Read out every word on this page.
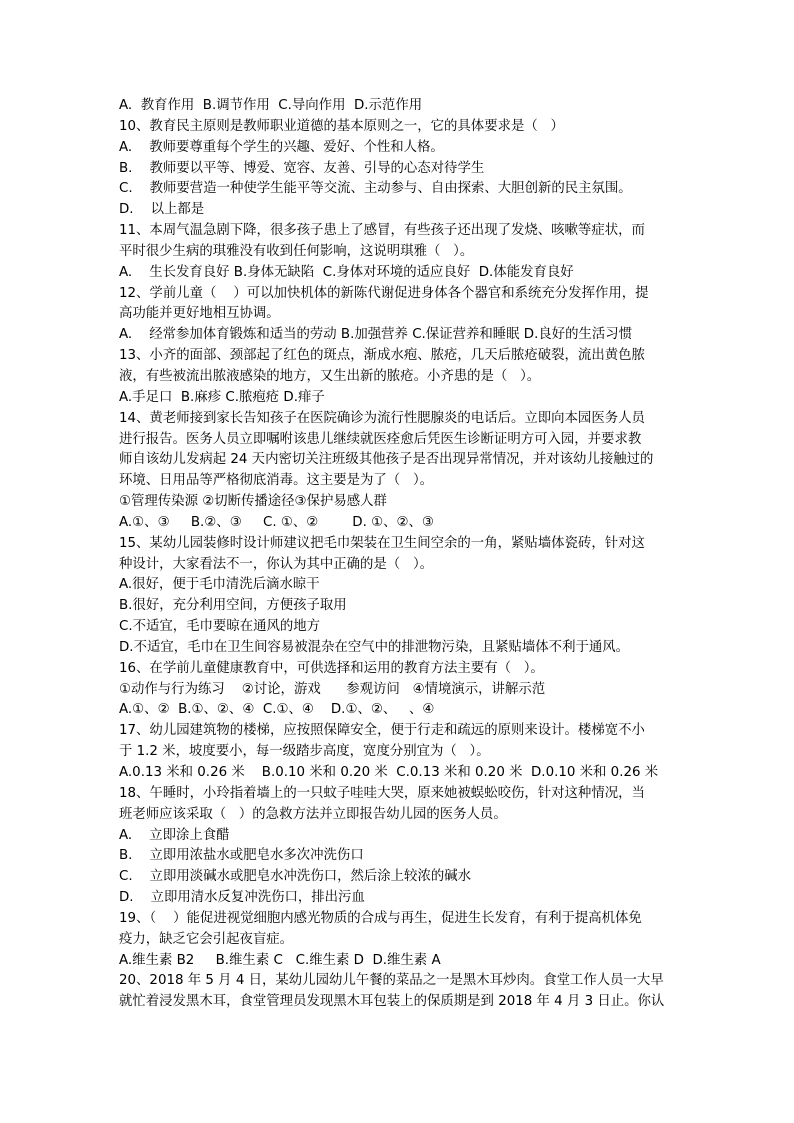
A.  教育作用  B.调节作用  C.导向作用  D.示范作用
10、教育民主原则是教师职业道德的基本原则之一，它的具体要求是（   ）
A.    教师要尊重每个学生的兴趣、爱好、个性和人格。
B.    教师要以平等、博爱、宽容、友善、引导的心态对待学生
C.    教师要营造一种使学生能平等交流、主动参与、自由探索、大胆创新的民主氛围。
D.    以上都是
11、本周气温急剧下降，很多孩子患上了感冒，有些孩子还出现了发烧、咳嗽等症状，而
平时很少生病的琪雅没有收到任何影响，这说明琪雅（   ）。
A.    生长发育良好 B.身体无缺陷  C.身体对环境的适应良好  D.体能发育良好
12、学前儿童（    ）可以加快机体的新陈代谢促进身体各个器官和系统充分发挥作用，提
高功能并更好地相互协调。
A.    经常参加体育锻炼和适当的劳动 B.加强营养 C.保证营养和睡眠 D.良好的生活习惯
13、小齐的面部、颈部起了红色的斑点，渐成水疱、脓疮，几天后脓疮破裂，流出黄色脓
液，有些被流出脓液感染的地方，又生出新的脓疮。小齐患的是（   ）。
A.手足口  B.麻疹 C.脓疱疮 D.痱子
14、黄老师接到家长告知孩子在医院确诊为流行性腮腺炎的电话后。立即向本园医务人员
进行报告。医务人员立即嘱咐该患儿继续就医痊愈后凭医生诊断证明方可入园，并要求教
师自该幼儿发病起 24 天内密切关注班级其他孩子是否出现异常情况，并对该幼儿接触过的
环境、日用品等严格彻底消毒。这主要是为了（   ）。
①管理传染源 ②切断传播途径③保护易感人群
A.①、③     B.②、③     C. ①、②        D. ①、②、③
15、某幼儿园装修时设计师建议把毛巾架装在卫生间空余的一角，紧贴墙体瓷砖，针对这
种设计，大家看法不一，你认为其中正确的是（   ）。
A.很好，便于毛巾清洗后滴水晾干
B.很好，充分利用空间，方便孩子取用
C.不适宜，毛巾要晾在通风的地方
D.不适宜，毛巾在卫生间容易被混杂在空气中的排泄物污染，且紧贴墙体不利于通风。
16、在学前儿童健康教育中，可供选择和运用的教育方法主要有（   ）。
①动作与行为练习    ②讨论，游戏      参观访问   ④情境演示，讲解示范
A.①、②  B.①、②、④  C.①、④    D.①、②、   、④
17、幼儿园建筑物的楼梯，应按照保障安全，便于行走和疏远的原则来设计。楼梯宽不小
于 1.2 米，坡度要小，每一级踏步高度，宽度分别宜为（   ）。
A.0.13 米和 0.26 米    B.0.10 米和 0.20 米  C.0.13 米和 0.20 米  D.0.10 米和 0.26 米
18、午睡时，小玲指着墙上的一只蚊子哇哇大哭，原来她被蜈蚣咬伤，针对这种情况，当
班老师应该采取（   ）的急救方法并立即报告幼儿园的医务人员。
A.    立即涂上食醋
B.    立即用浓盐水或肥皂水多次冲洗伤口
C.    立即用淡碱水或肥皂水冲洗伤口，然后涂上较浓的碱水
D.    立即用清水反复冲洗伤口，排出污血
19、（    ）能促进视觉细胞内感光物质的合成与再生，促进生长发育，有利于提高机体免
疫力，缺乏它会引起夜盲症。
A.维生素 B2     B.维生素 C   C.维生素 D  D.维生素 A
20、2018 年 5 月 4 日，某幼儿园幼儿午餐的菜品之一是黑木耳炒肉。食堂工作人员一大早
就忙着浸发黑木耳，食堂管理员发现黑木耳包装上的保质期是到 2018 年 4 月 3 日止。你认
